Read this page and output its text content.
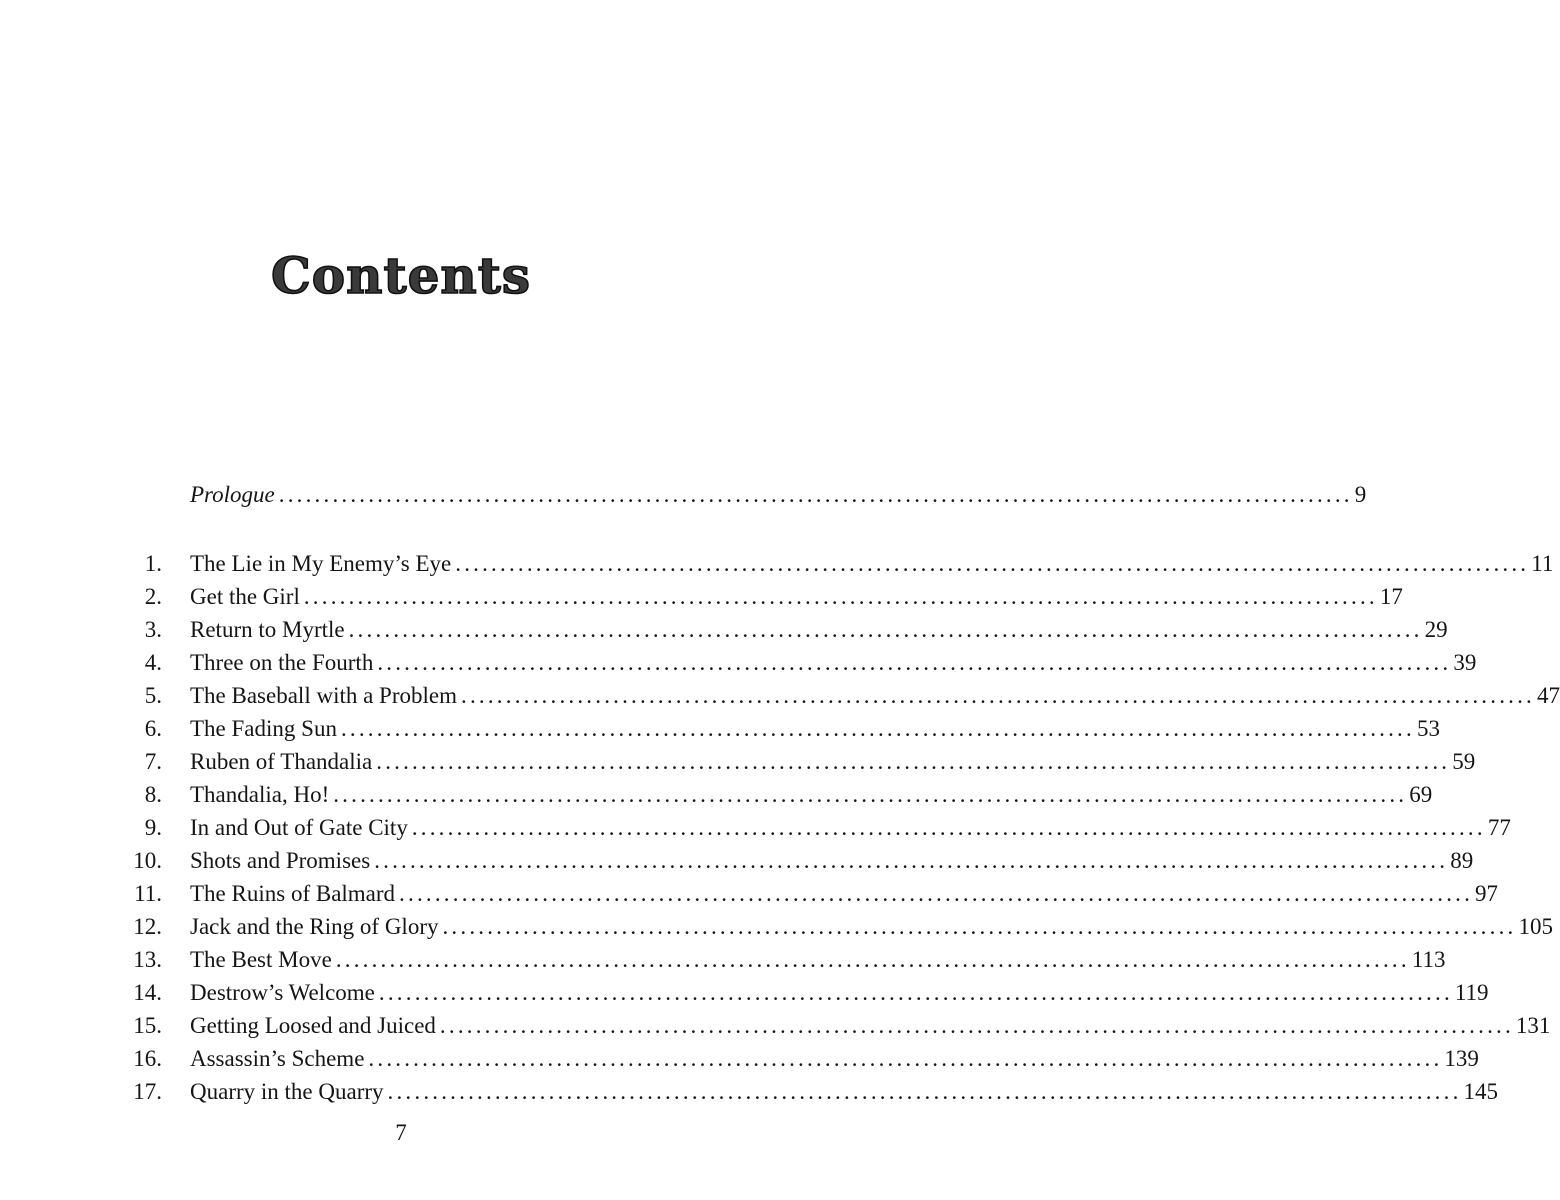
Contents
Prologue ........................................................................................................................ 9
1. The Lie in My Enemy’s Eye ........................................................................................................................ 11
2. Get the Girl ........................................................................................................................ 17
3. Return to Myrtle ........................................................................................................................ 29
4. Three on the Fourth ........................................................................................................................ 39
5. The Baseball with a Problem ........................................................................................................................ 47
6. The Fading Sun ........................................................................................................................ 53
7. Ruben of Thandalia ........................................................................................................................ 59
8. Thandalia, Ho! ........................................................................................................................ 69
9. In and Out of Gate City ........................................................................................................................ 77
10. Shots and Promises ........................................................................................................................ 89
11. The Ruins of Balmard ........................................................................................................................ 97
12. Jack and the Ring of Glory ........................................................................................................................ 105
13. The Best Move ........................................................................................................................ 113
14. Destrow’s Welcome ........................................................................................................................ 119
15. Getting Loosed and Juiced ........................................................................................................................ 131
16. Assassin’s Scheme ........................................................................................................................ 139
17. Quarry in the Quarry ........................................................................................................................ 145
7
